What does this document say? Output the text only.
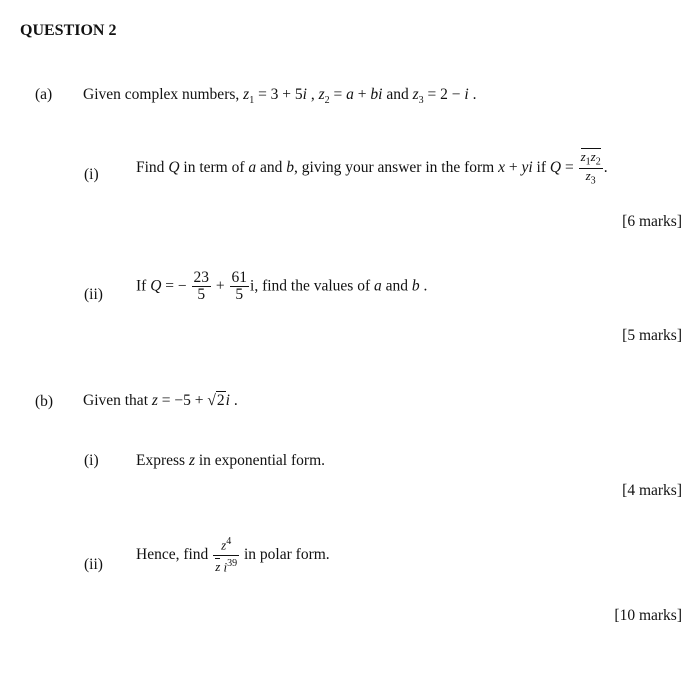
QUESTION 2
(a) Given complex numbers, $z_1 = 3 + 5i$ , $z_2 = a$ + bi and $z_3 = 2 - i$ .
(i) Find Q in term of a and b, giving your answer in the form x + yi if $Q = \frac{z_1z_2}{z_3}$ .
[6 marks]
(ii)
If Q = − $\frac{23}{5} + \frac{61}{5} i$, find the values of a and b .
[5 marks]
(b) Given that z = −5 + √2i .
(i) Express z in exponential form.
[4 marks]
(ii)
Hence, find $\frac{z^4}{z i^{39}}$ in polar form.
[10 marks]
